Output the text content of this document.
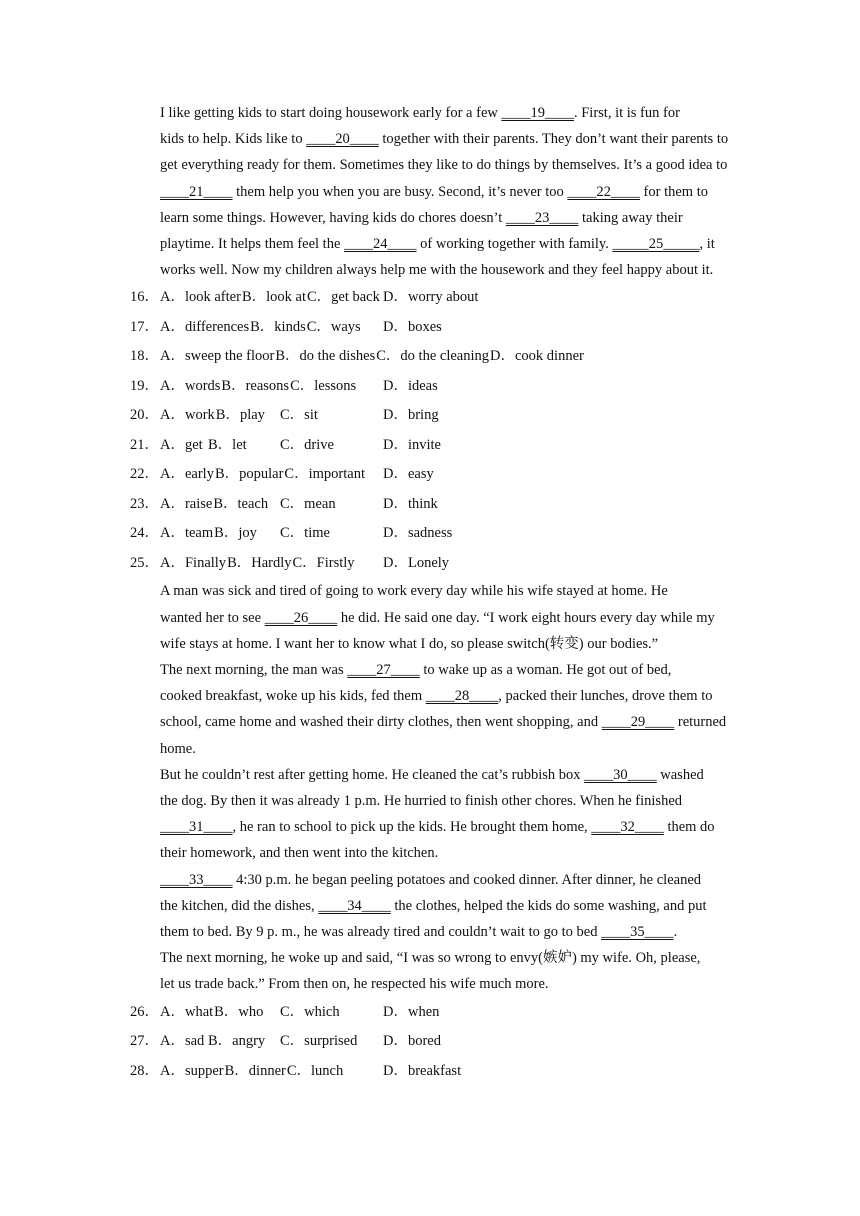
I like getting kids to start doing housework early for a few ____19____. First, it is fun for
kids to help. Kids like to ____20____ together with their parents. They don’t want their parents to
get everything ready for them. Sometimes they like to do things by themselves. It’s a good idea to
____21____ them help you when you are busy. Second, it’s never too ____22____ for them to
learn some things. However, having kids do chores doesn’t ____23____ taking away their
playtime. It helps them feel the ____24____ of working together with family. _____25_____, it
works well. Now my children always help me with the housework and they feel happy about it.

16． A．look after B．look at C．get back D．worry about
17． A．differences B．kinds C．ways D．boxes
18． A．sweep the floor B．do the dishes C．do the cleaning D．cook dinner
19． A．words B．reasons C．lessons D．ideas
20． A．work B．play C．sit	D．bring
21． A．get B．let C．drive	D．invite
22． A．early B．popular C．important D．easy
23． A．raise B．teach C．mean	D．think
24． A．team B．joy C．time	D．sadness
25． A．Finally B．Hardly C．Firstly D．Lonely

A man was sick and tired of going to work every day while his wife stayed at home. He
wanted her to see ____26____ he did. He said one day. “I work eight hours every day while my
wife stays at home. I want her to know what I do, so please switch(转变) our bodies.”

The next morning, the man was ____27____ to wake up as a woman. He got out of bed,
cooked breakfast, woke up his kids, fed them ____28____, packed their lunches, drove them to
school, came home and washed their dirty clothes, then went shopping, and ____29____ returned
home.

But he couldn’t rest after getting home. He cleaned the cat’s rubbish box ____30____ washed
the dog. By then it was already 1 p.m. He hurried to finish other chores. When he finished
____31____, he ran to school to pick up the kids. He brought them home, ____32____ them do
their homework, and then went into the kitchen.

____33____ 4:30 p.m. he began peeling potatoes and cooked dinner. After dinner, he cleaned
the kitchen, did the dishes, ____34____ the clothes, helped the kids do some washing, and put
them to bed. By 9 p. m., he was already tired and couldn’t wait to go to bed ____35____.

The next morning, he woke up and said, “I was so wrong to envy(嫉妒) my wife. Oh, please,
let us trade back.” From then on, he respected his wife much more.

26． A．what B．who C．which	D．when
27． A．sad B．angry C．surprised D．bored
28． A．supper B．dinner C．lunch	D．breakfast
